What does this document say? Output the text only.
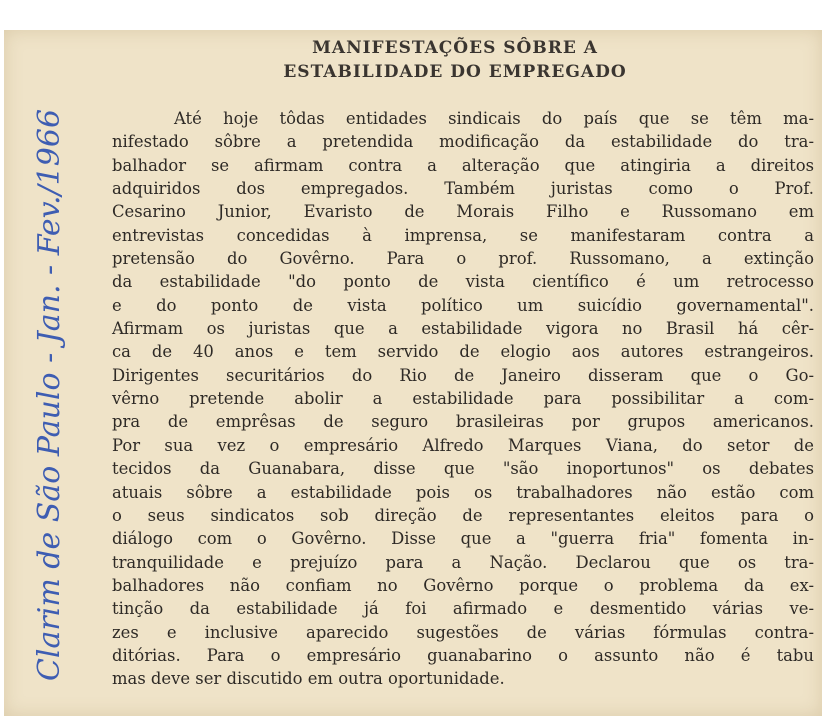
MANIFESTAÇÕES SÔBRE A
ESTABILIDADE DO EMPREGADO
Até hoje tôdas entidades sindicais do país que se têm ma-
nifestado sôbre a pretendida modificação da estabilidade do tra-
balhador se afirmam contra a alteração que atingiria a direitos
adquiridos dos empregados. Também juristas como o Prof.
Cesarino Junior, Evaristo de Morais Filho e Russomano em
entrevistas concedidas à imprensa, se manifestaram contra a
pretensão do Govêrno. Para o prof. Russomano, a extinção
da estabilidade "do ponto de vista científico é um retrocesso
e do ponto de vista político um suicídio governamental".
Afirmam os juristas que a estabilidade vigora no Brasil há cêr-
ca de 40 anos e tem servido de elogio aos autores estrangeiros.
Dirigentes securitários do Rio de Janeiro disseram que o Go-
vêrno pretende abolir a estabilidade para possibilitar a com-
pra de emprêsas de seguro brasileiras por grupos americanos.
Por sua vez o empresário Alfredo Marques Viana, do setor de
tecidos da Guanabara, disse que "são inoportunos" os debates
atuais sôbre a estabilidade pois os trabalhadores não estão com
o seus sindicatos sob direção de representantes eleitos para o
diálogo com o Govêrno. Disse que a "guerra fria" fomenta in-
tranquilidade e prejuízo para a Nação. Declarou que os tra-
balhadores não confiam no Govêrno porque o problema da ex-
tinção da estabilidade já foi afirmado e desmentido várias ve-
zes e inclusive aparecido sugestões de várias fórmulas contra-
ditórias. Para o empresário guanabarino o assunto não é tabu
mas deve ser discutido em outra oportunidade.
Clarim de São Paulo - Jan. - Fev./1966
